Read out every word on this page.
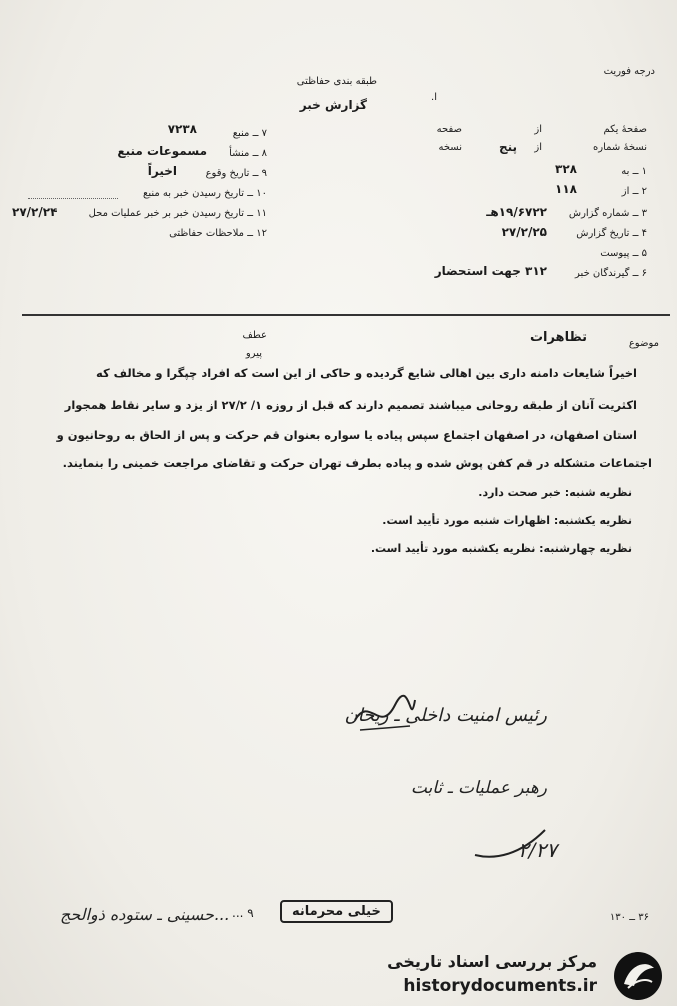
درجه فوریت
طبقه بندی حفاظتی
گزارش خبر
ا.
صفحهٔ یکم
از
صفحه
نسخهٔ شماره
از
پنج
نسخه
۱ ــ به
۳۲۸
۲ ــ از
۱۱۸
۳ ــ شماره گزارش
۱۹/۶۷۲۲هـ
۴ ــ تاریخ گزارش
۲۷/۲/۲۵
۵ ــ پیوست
۶ ــ گیرندگان خبر
۳۱۲ جهت استحضار
۷ ــ منبع
۷۲۳۸
۸ ــ منشأ
مسموعات منبع
۹ ــ تاریخ وقوع
اخیراً
۱۰ ــ تاریخ رسیدن خبر به منبع
۱۱ ــ تاریخ رسیدن خبر بر خبر عملیات محل
۲۷/۲/۲۴
۱۲ ــ ملاحظات حفاظتی
موضوع
تظاهرات
عطف
پیرو
اخیراً شایعات دامنه داری بین اهالی شایع گردیده و حاکی از این است که افراد چپگرا و مخالف که
اکثریت آنان از طبقه روحانی میباشند تصمیم دارند که قبل از روزه ۱/ ۲۷/۲ از یزد و سایر نقاط همجوار
استان اصفهان، در اصفهان اجتماع سپس پیاده یا سواره بعنوان قم حرکت و پس از الحاق به روحانیون و
اجتماعات متشکله در قم کفن پوش شده و پیاده بطرف تهران حرکت و تقاضای مراجعت خمینی را بنمایند.
نظریه شنبه: خبر صحت دارد.
نظریه یکشنبه: اظهارات شنبه مورد تأیید است.
نظریه چهارشنبه: نظریه یکشنبه مورد تأیید است.
رئیس امنیت داخلی ـ ریحان
رهبر عملیات ـ ثابت
۲/۲۷
۹ ...	خیلی محرمانه
...حسینی ـ ستوده ذوالحج	۳۶ ــ ۱۳۰
مرکز بررسی اسناد تاریخی
historydocuments.ir
